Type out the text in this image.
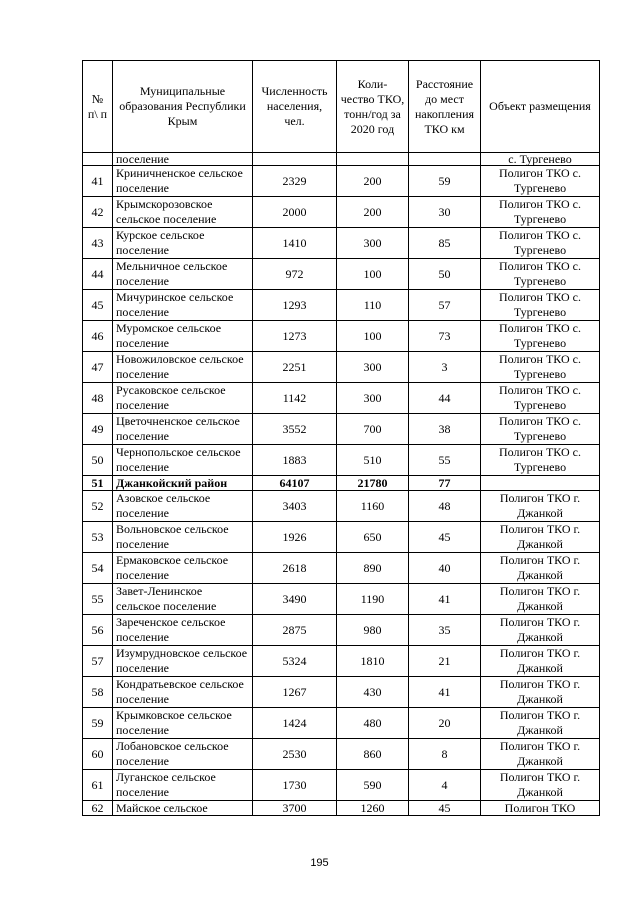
№ п\ п	Муниципальные образования Республики Крым	Численность населения, чел.	Коли- чество ТКО, тонн/год за 2020 год	Расстояние до мест накопления ТКО км	Объект размещения
	поселение				с. Тургенево
41	Криничненское сельское поселение	2329	200	59	Полигон ТКО с. Тургенево
42	Крымскорозовское сельское поселение	2000	200	30	Полигон ТКО с. Тургенево
43	Курское сельское поселение	1410	300	85	Полигон ТКО с. Тургенево
44	Мельничное сельское поселение	972	100	50	Полигон ТКО с. Тургенево
45	Мичуринское сельское поселение	1293	110	57	Полигон ТКО с. Тургенево
46	Муромское сельское поселение	1273	100	73	Полигон ТКО с. Тургенево
47	Новожиловское сельское поселение	2251	300	3	Полигон ТКО с. Тургенево
48	Русаковское сельское поселение	1142	300	44	Полигон ТКО с. Тургенево
49	Цветочненское сельское поселение	3552	700	38	Полигон ТКО с. Тургенево
50	Чернопольское сельское поселение	1883	510	55	Полигон ТКО с. Тургенево
51	Джанкойский район	64107	21780	77	
52	Азовское сельское поселение	3403	1160	48	Полигон ТКО г. Джанкой
53	Вольновское сельское поселение	1926	650	45	Полигон ТКО г. Джанкой
54	Ермаковское сельское поселение	2618	890	40	Полигон ТКО г. Джанкой
55	Завет-Ленинское сельское поселение	3490	1190	41	Полигон ТКО г. Джанкой
56	Зареченское сельское поселение	2875	980	35	Полигон ТКО г. Джанкой
57	Изумрудновское сельское поселение	5324	1810	21	Полигон ТКО г. Джанкой
58	Кондратьевское сельское поселение	1267	430	41	Полигон ТКО г. Джанкой
59	Крымковское сельское поселение	1424	480	20	Полигон ТКО г. Джанкой
60	Лобановское сельское поселение	2530	860	8	Полигон ТКО г. Джанкой
61	Луганское сельское поселение	1730	590	4	Полигон ТКО г. Джанкой
62	Майское сельское	3700	1260	45	Полигон ТКО
195
